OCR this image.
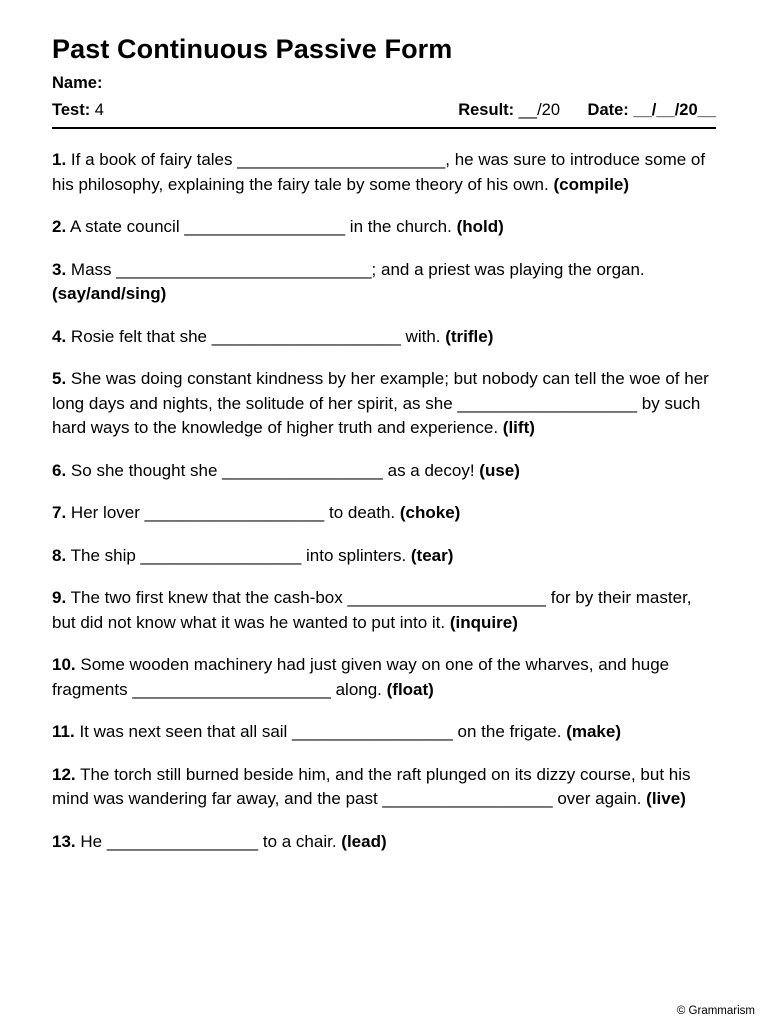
Past Continuous Passive Form
Name:
Test: 4	Result: __/20 Date: __/__/20__

1. If a book of fairy tales ______________________, he was sure to introduce some of his philosophy, explaining the fairy tale by some theory of his own. (compile)

2. A state council _________________ in the church. (hold)

3. Mass ___________________________; and a priest was playing the organ. (say/and/sing)

4. Rosie felt that she ____________________ with. (trifle)

5. She was doing constant kindness by her example; but nobody can tell the woe of her long days and nights, the solitude of her spirit, as she ___________________ by such hard ways to the knowledge of higher truth and experience. (lift)

6. So she thought she _________________ as a decoy! (use)

7. Her lover ___________________ to death. (choke)

8. The ship _________________ into splinters. (tear)

9. The two first knew that the cash-box _____________________ for by their master, but did not know what it was he wanted to put into it. (inquire)

10. Some wooden machinery had just given way on one of the wharves, and huge fragments _____________________ along. (float)

11. It was next seen that all sail _________________ on the frigate. (make)

12. The torch still burned beside him, and the raft plunged on its dizzy course, but his mind was wandering far away, and the past __________________ over again. (live)

13. He ________________ to a chair. (lead)

© Grammarism
